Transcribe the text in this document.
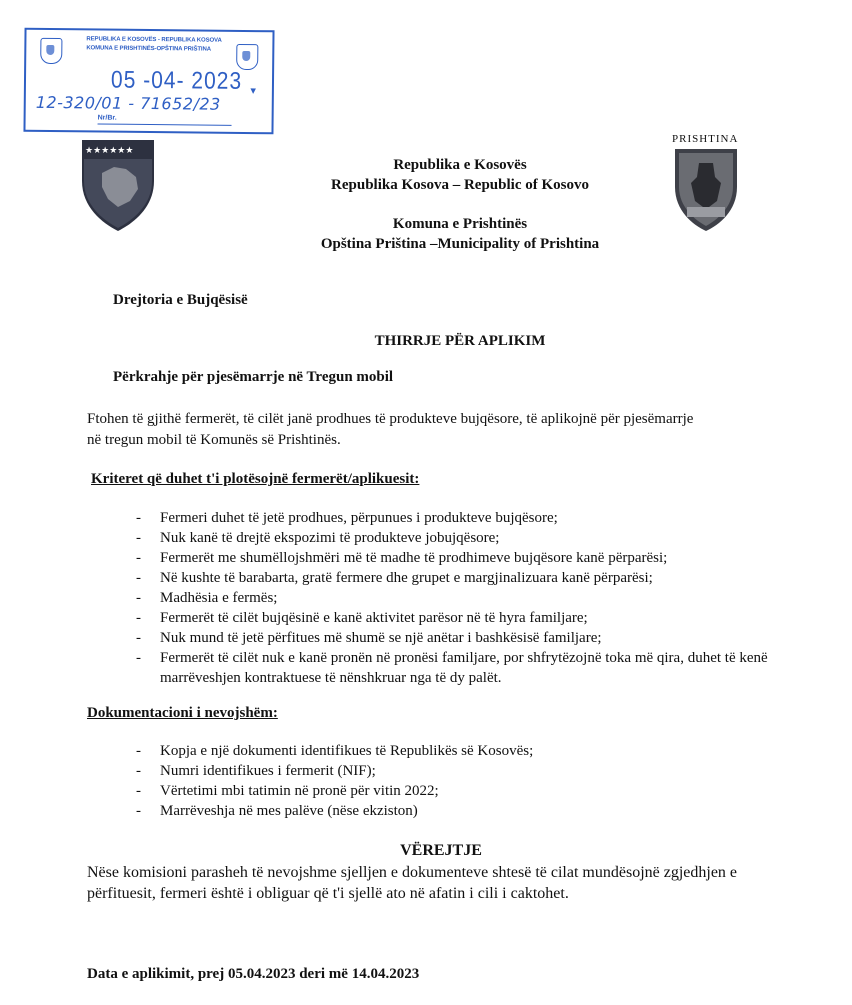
REPUBLIKA E KOSOVËS - REPUBLIKA KOSOVA
KOMUNA E PRISHTINËS-OPŠTINA PRIŠTINA
05 -04- 2023 ▾
12-320/01 - 71652/23
Nr/Br.
★★★★★★
PRISHTINA
Republika e Kosovës
Republika Kosova – Republic of Kosovo
Komuna e Prishtinës
Opština Priština –Municipality of Prishtina
Drejtoria e Bujqësisë
THIRRJE PËR APLIKIM
Përkrahje për pjesëmarrje në Tregun mobil
Ftohen të gjithë fermerët, të cilët janë prodhues të produkteve bujqësore, të aplikojnë për pjesëmarrje në tregun mobil të Komunës së Prishtinës.
Kriteret që duhet t'i plotësojnë fermerët/aplikuesit:
- Fermeri duhet të jetë prodhues, përpunues i produkteve bujqësore;
- Nuk kanë të drejtë ekspozimi të produkteve jobujqësore;
- Fermerët me shumëllojshmëri më të madhe të prodhimeve bujqësore kanë përparësi;
- Në kushte të barabarta, gratë fermere dhe grupet e margjinalizuara kanë përparësi;
- Madhësia e fermës;
- Fermerët të cilët bujqësinë e kanë aktivitet parësor në të hyra familjare;
- Nuk mund të jetë përfitues më shumë se një anëtar i bashkësisë familjare;
- Fermerët të cilët nuk e kanë pronën në pronësi familjare, por shfrytëzojnë toka më qira, duhet të kenë marrëveshjen kontraktuese të nënshkruar nga të dy palët.
Dokumentacioni i nevojshëm:
- Kopja e një dokumenti identifikues të Republikës së Kosovës;
- Numri identifikues i fermerit (NIF);
- Vërtetimi mbi tatimin në pronë për vitin 2022;
- Marrëveshja në mes palëve (nëse ekziston)
VËREJTJE
Nëse komisioni parasheh të nevojshme sjelljen e dokumenteve shtesë të cilat mundësojnë zgjedhjen e përfituesit, fermeri është i obliguar që t'i sjellë ato në afatin i cili i caktohet.
Data e aplikimit, prej 05.04.2023 deri më 14.04.2023
